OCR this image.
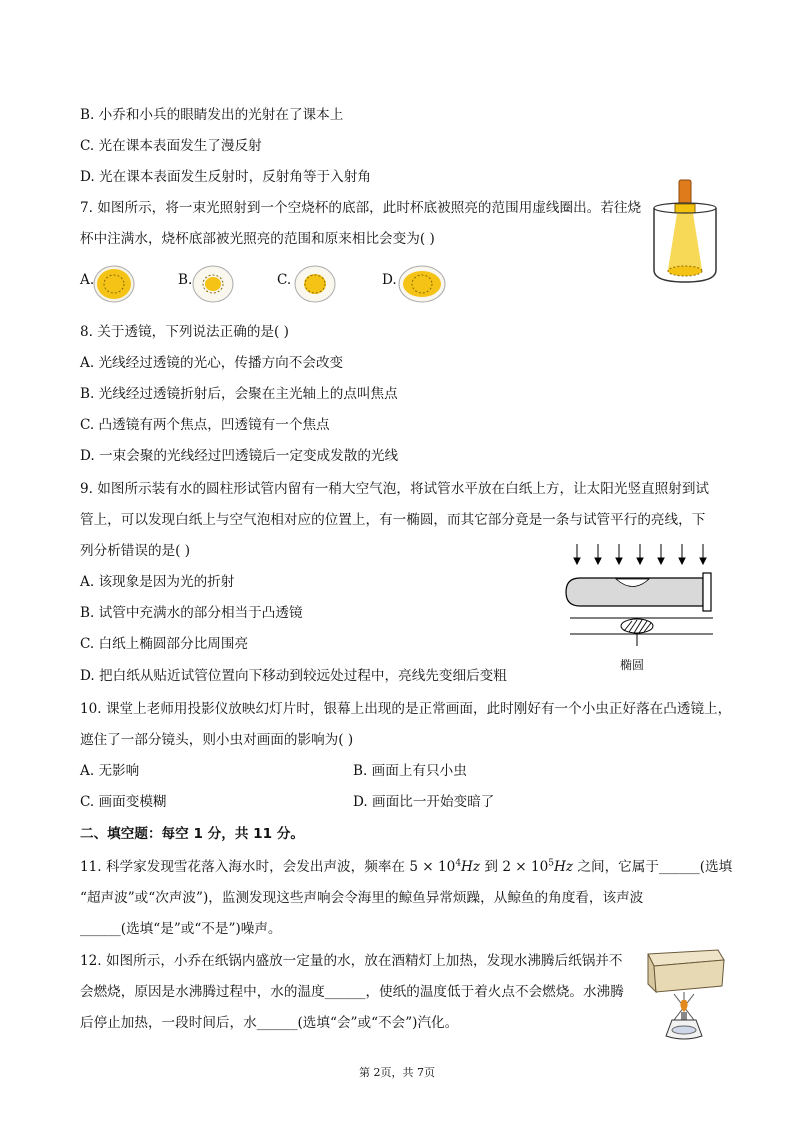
B. 小乔和小兵的眼睛发出的光射在了课本上
C. 光在课本表面发生了漫反射
D. 光在课本表面发生反射时，反射角等于入射角
7. 如图所示，将一束光照射到一个空烧杯的底部，此时杯底被照亮的范围用虚线圈出。若往烧
杯中注满水，烧杯底部被光照亮的范围和原来相比会变为( )
A.	B.	C.	D.
8. 关于透镜，下列说法正确的是( )
A. 光线经过透镜的光心，传播方向不会改变
B. 光线经过透镜折射后，会聚在主光轴上的点叫焦点
C. 凸透镜有两个焦点，凹透镜有一个焦点
D. 一束会聚的光线经过凹透镜后一定变成发散的光线
9. 如图所示装有水的圆柱形试管内留有一稍大空气泡，将试管水平放在白纸上方，让太阳光竖直照射到试
管上，可以发现白纸上与空气泡相对应的位置上，有一椭圆，而其它部分竟是一条与试管平行的亮线，下
列分析错误的是( )
A. 该现象是因为光的折射
B. 试管中充满水的部分相当于凸透镜
C. 白纸上椭圆部分比周围亮
D. 把白纸从贴近试管位置向下移动到较远处过程中，亮线先变细后变粗
椭圆
10. 课堂上老师用投影仪放映幻灯片时，银幕上出现的是正常画面，此时刚好有一个小虫正好落在凸透镜上，
遮住了一部分镜头，则小虫对画面的影响为( )
A. 无影响	B. 画面上有只小虫
C. 画面变模糊	D. 画面比一开始变暗了
二、填空题：每空 1 分，共 11 分。
11. 科学家发现雪花落入海水时，会发出声波，频率在 $5 \times 10^4Hz$ 到 $2 \times 10^5Hz$ 之间，它属于______(选填
“超声波”或“次声波”)，监测发现这些声响会令海里的鲸鱼异常烦躁，从鲸鱼的角度看，该声波
______(选填“是”或“不是”)噪声。
12. 如图所示，小乔在纸锅内盛放一定量的水，放在酒精灯上加热，发现水沸腾后纸锅并不
会燃烧，原因是水沸腾过程中，水的温度______，使纸的温度低于着火点不会燃烧。水沸腾
后停止加热，一段时间后，水______(选填“会”或“不会”)汽化。
第 2页，共 7页
